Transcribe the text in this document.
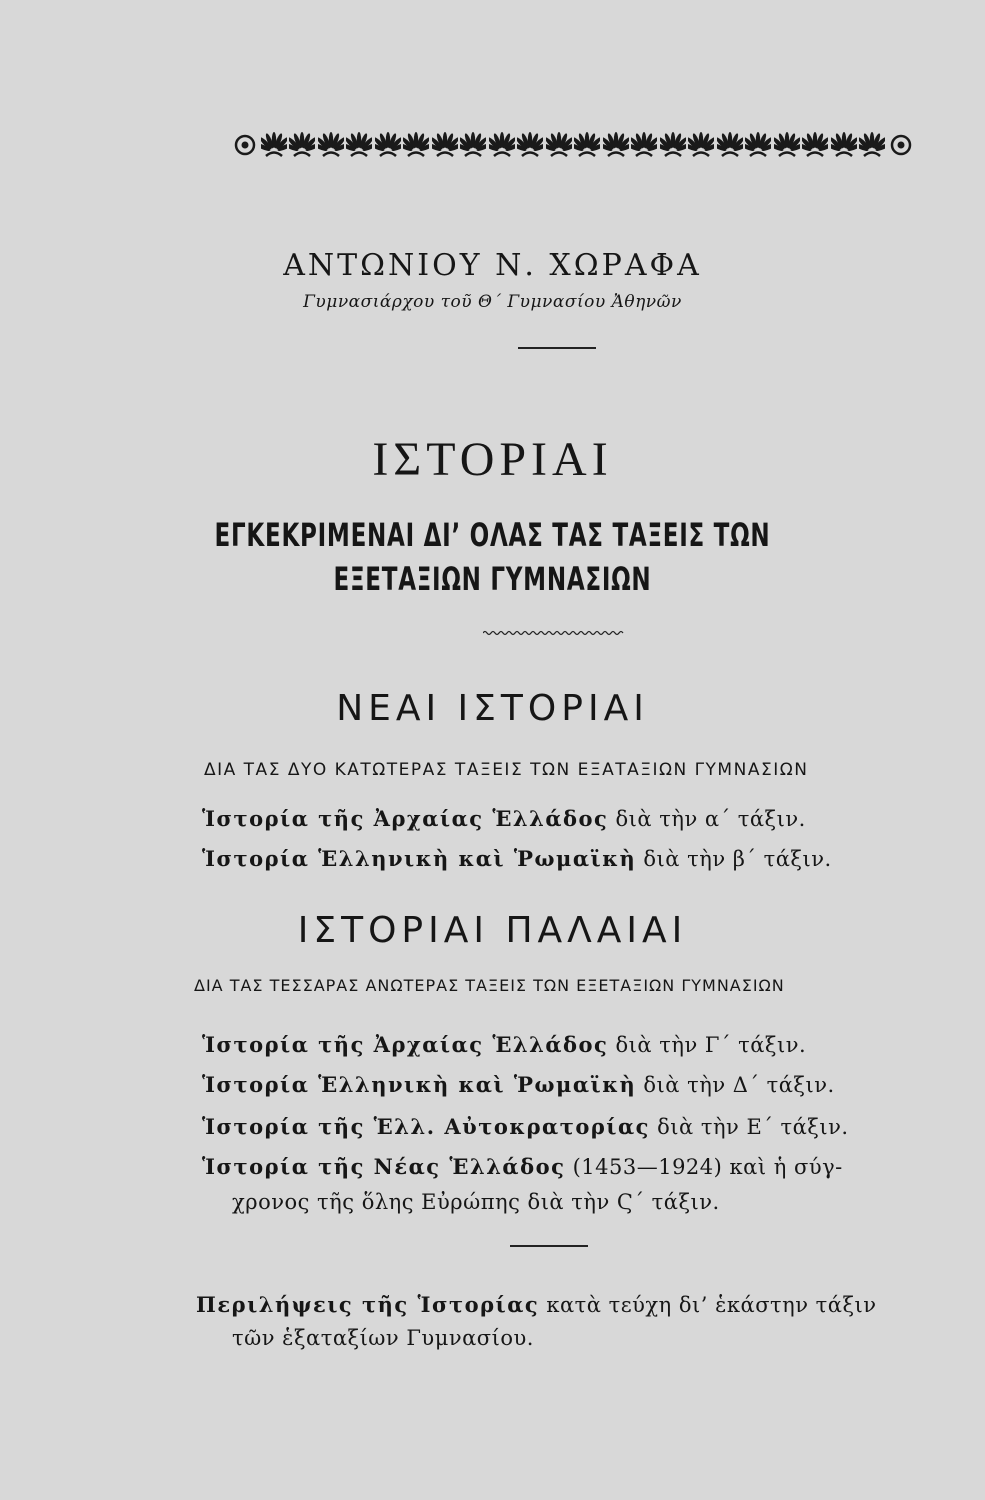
ΑΝΤΩΝΙΟΥ Ν. ΧΩΡΑΦΑ
Γυμνασιάρχου τοῦ Θ΄ Γυμνασίου Ἀθηνῶν
ΙΣΤΟΡΙΑΙ
ΕΓΚΕΚΡΙΜΕΝΑΙ ΔΙ’ ΟΛΑΣ ΤΑΣ ΤΑΞΕΙΣ ΤΩΝ
ΕΞΕΤΑΞΙΩΝ ΓΥΜΝΑΣΙΩΝ
ΝΕΑΙ ΙΣΤΟΡΙΑΙ
ΔΙΑ ΤΑΣ ΔΥΟ ΚΑΤΩΤΕΡΑΣ ΤΑΞΕΙΣ ΤΩΝ ΕΞΑΤΑΞΙΩΝ ΓΥΜΝΑΣΙΩΝ
Ἱστορία τῆς Ἀρχαίας Ἑλλάδος διὰ τὴν α΄ τάξιν.
Ἱστορία Ἑλληνικὴ καὶ Ῥωμαϊκὴ διὰ τὴν β΄ τάξιν.
ΙΣΤΟΡΙΑΙ ΠΑΛΑΙΑΙ
ΔΙΑ ΤΑΣ ΤΕΣΣΑΡΑΣ ΑΝΩΤΕΡΑΣ ΤΑΞΕΙΣ ΤΩΝ ΕΞΕΤΑΞΙΩΝ ΓΥΜΝΑΣΙΩΝ
Ἱστορία τῆς Ἀρχαίας Ἑλλάδος διὰ τὴν Γ΄ τάξιν.
Ἱστορία Ἑλληνικὴ καὶ Ῥωμαϊκὴ διὰ τὴν Δ΄ τάξιν.
Ἱστορία τῆς Ἑλλ. Αὐτοκρατορίας διὰ τὴν Ε΄ τάξιν.
Ἱστορία τῆς Νέας Ἑλλάδος (1453—1924) καὶ ἡ σύγ-
χρονος τῆς ὅλης Εὐρώπης διὰ τὴν Ϛ΄ τάξιν.
Περιλήψεις τῆς Ἱστορίας κατὰ τεύχη δι’ ἑκάστην τάξιν
τῶν ἑξαταξίων Γυμνασίου.
